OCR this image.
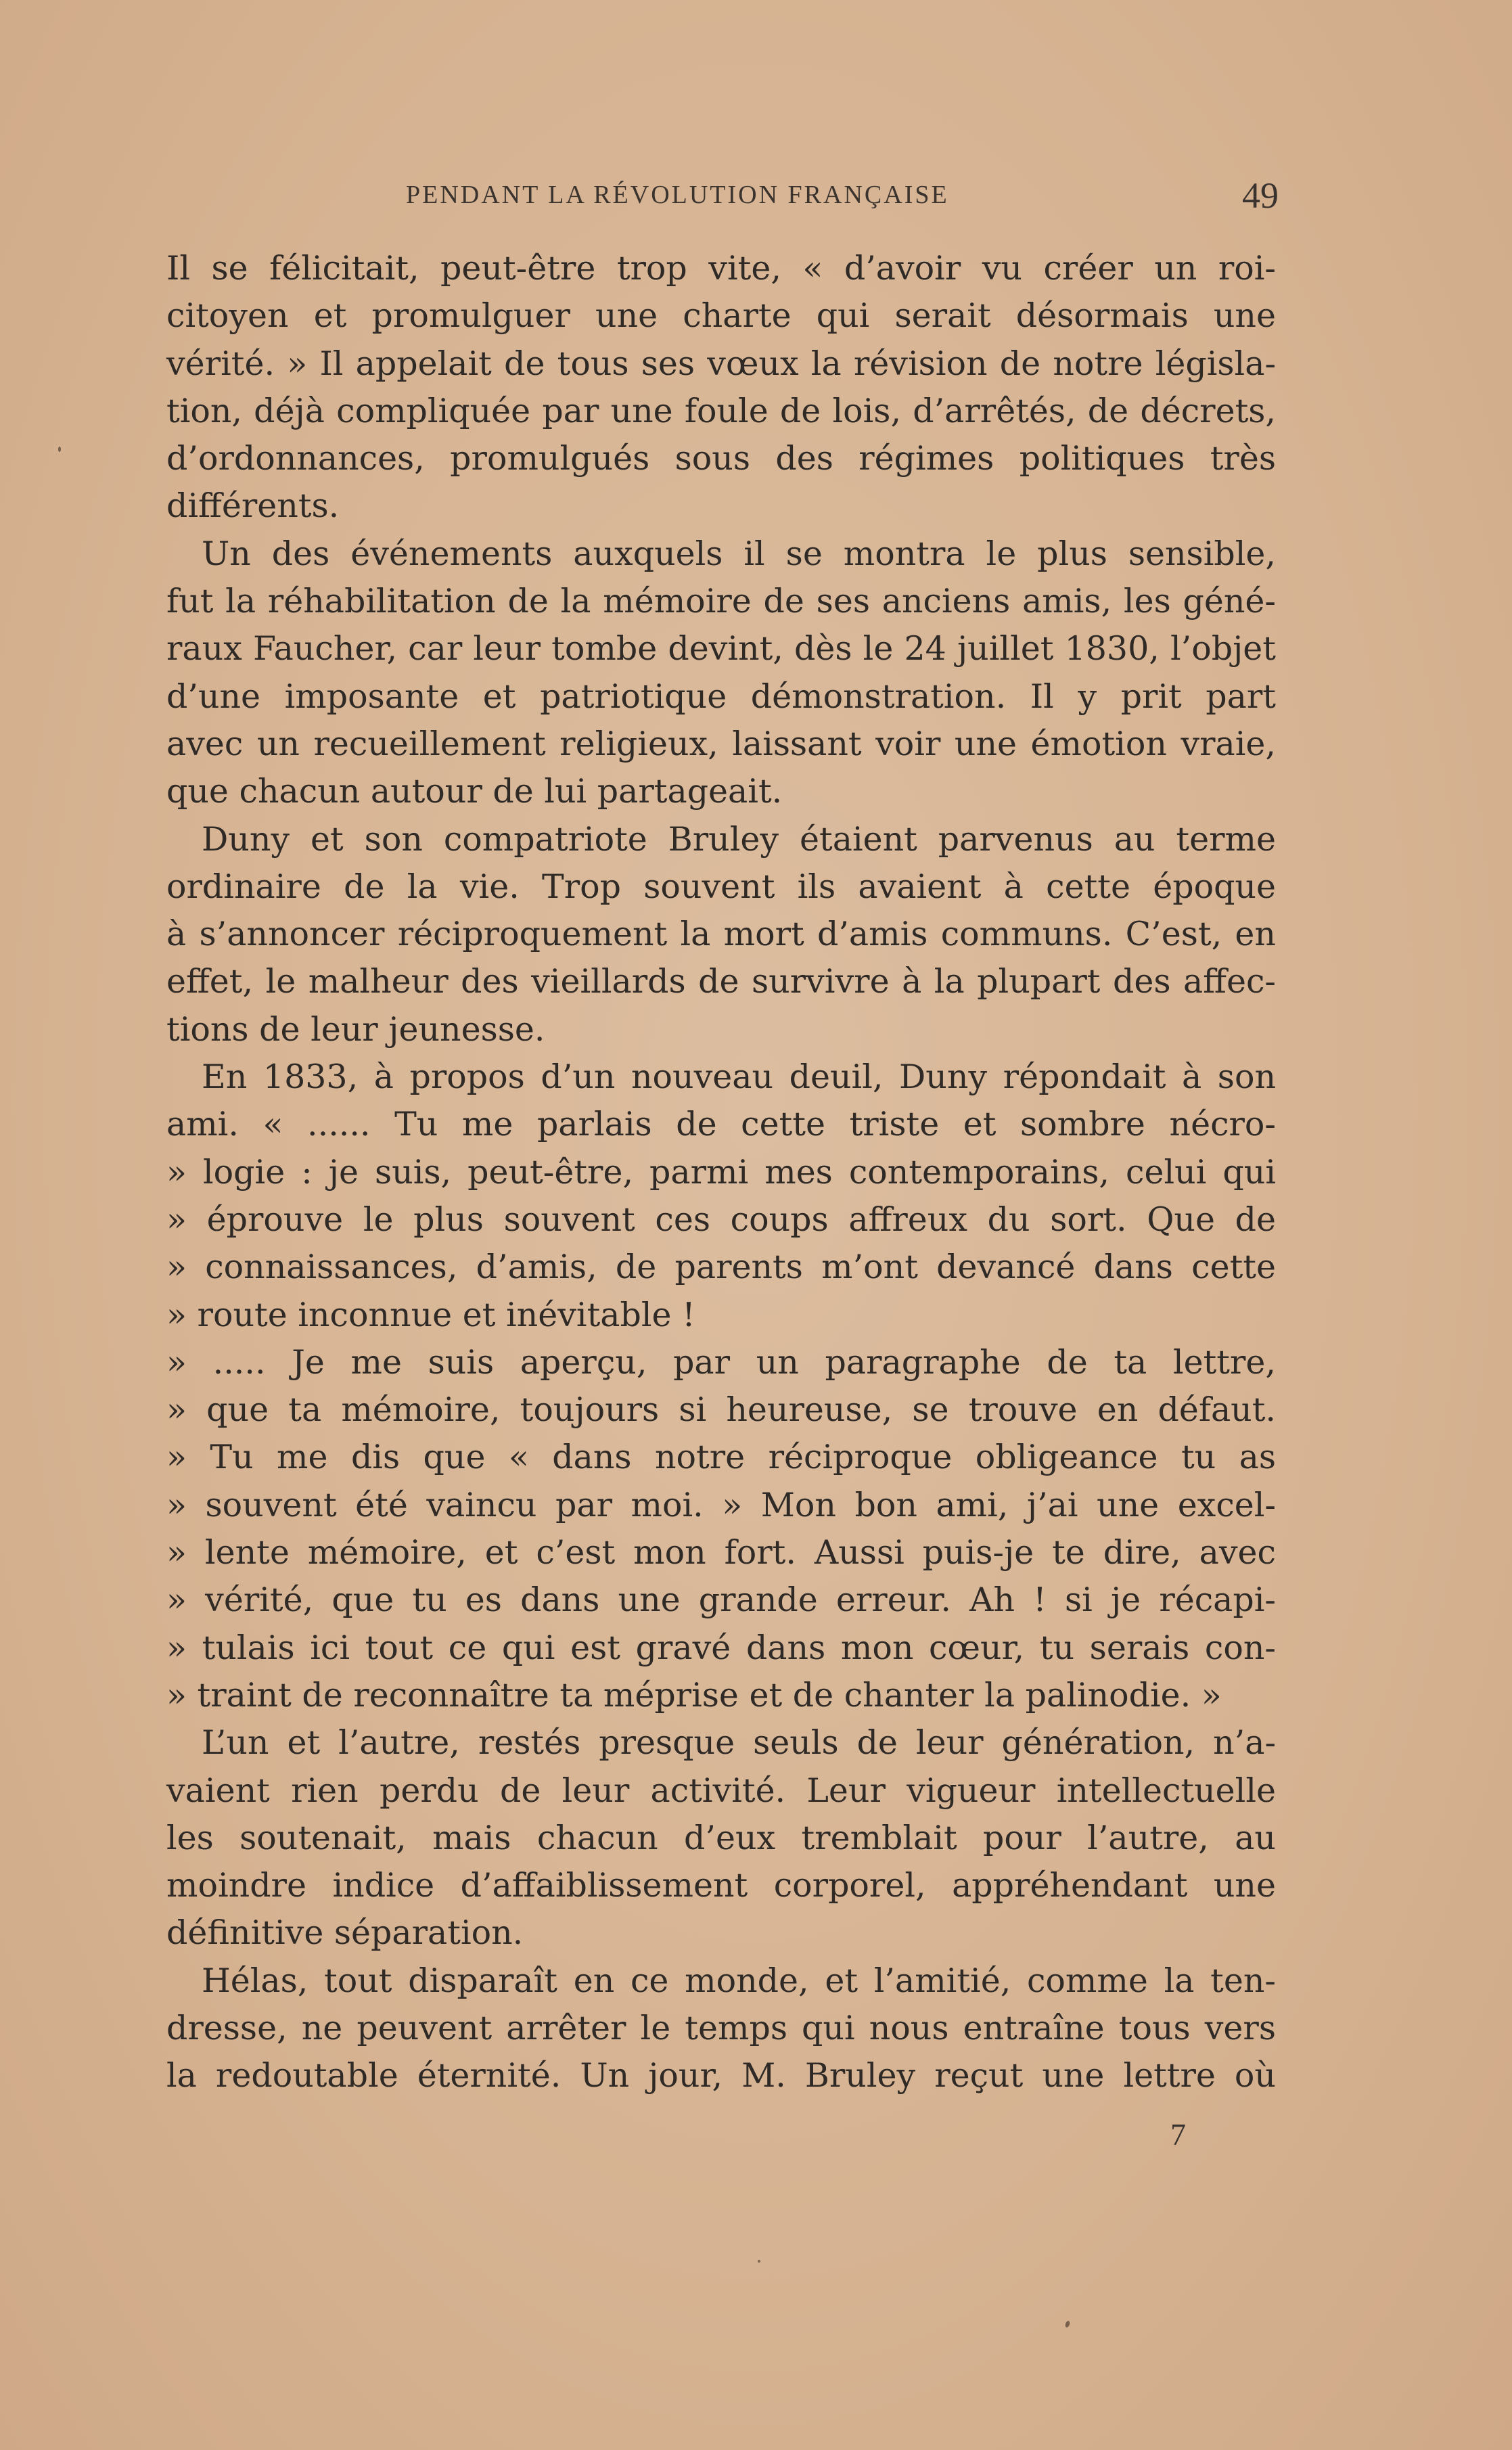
PENDANT LA RÉVOLUTION FRANÇAISE	49
Il se félicitait, peut-être trop vite, « d’avoir vu créer un roi-
citoyen et promulguer une charte qui serait désormais une
vérité. » Il appelait de tous ses vœux la révision de notre législa-
tion, déjà compliquée par une foule de lois, d’arrêtés, de décrets,
d’ordonnances, promulgués sous des régimes politiques très
différents.
Un des événements auxquels il se montra le plus sensible,
fut la réhabilitation de la mémoire de ses anciens amis, les géné-
raux Faucher, car leur tombe devint, dès le 24 juillet 1830, l’objet
d’une imposante et patriotique démonstration. Il y prit part
avec un recueillement religieux, laissant voir une émotion vraie,
que chacun autour de lui partageait.
Duny et son compatriote Bruley étaient parvenus au terme
ordinaire de la vie. Trop souvent ils avaient à cette époque
à s’annoncer réciproquement la mort d’amis communs. C’est, en
effet, le malheur des vieillards de survivre à la plupart des affec-
tions de leur jeunesse.
En 1833, à propos d’un nouveau deuil, Duny répondait à son
ami. « ...... Tu me parlais de cette triste et sombre nécro-
» logie : je suis, peut-être, parmi mes contemporains, celui qui
» éprouve le plus souvent ces coups affreux du sort. Que de
» connaissances, d’amis, de parents m’ont devancé dans cette
» route inconnue et inévitable !
» ..... Je me suis aperçu, par un paragraphe de ta lettre,
» que ta mémoire, toujours si heureuse, se trouve en défaut.
» Tu me dis que « dans notre réciproque obligeance tu as
» souvent été vaincu par moi. » Mon bon ami, j’ai une excel-
» lente mémoire, et c’est mon fort. Aussi puis-je te dire, avec
» vérité, que tu es dans une grande erreur. Ah ! si je récapi-
» tulais ici tout ce qui est gravé dans mon cœur, tu serais con-
» traint de reconnaître ta méprise et de chanter la palinodie. »
L’un et l’autre, restés presque seuls de leur génération, n’a-
vaient rien perdu de leur activité. Leur vigueur intellectuelle
les soutenait, mais chacun d’eux tremblait pour l’autre, au
moindre indice d’affaiblissement corporel, appréhendant une
définitive séparation.
Hélas, tout disparaît en ce monde, et l’amitié, comme la ten-
dresse, ne peuvent arrêter le temps qui nous entraîne tous vers
la redoutable éternité. Un jour, M. Bruley reçut une lettre où
7
